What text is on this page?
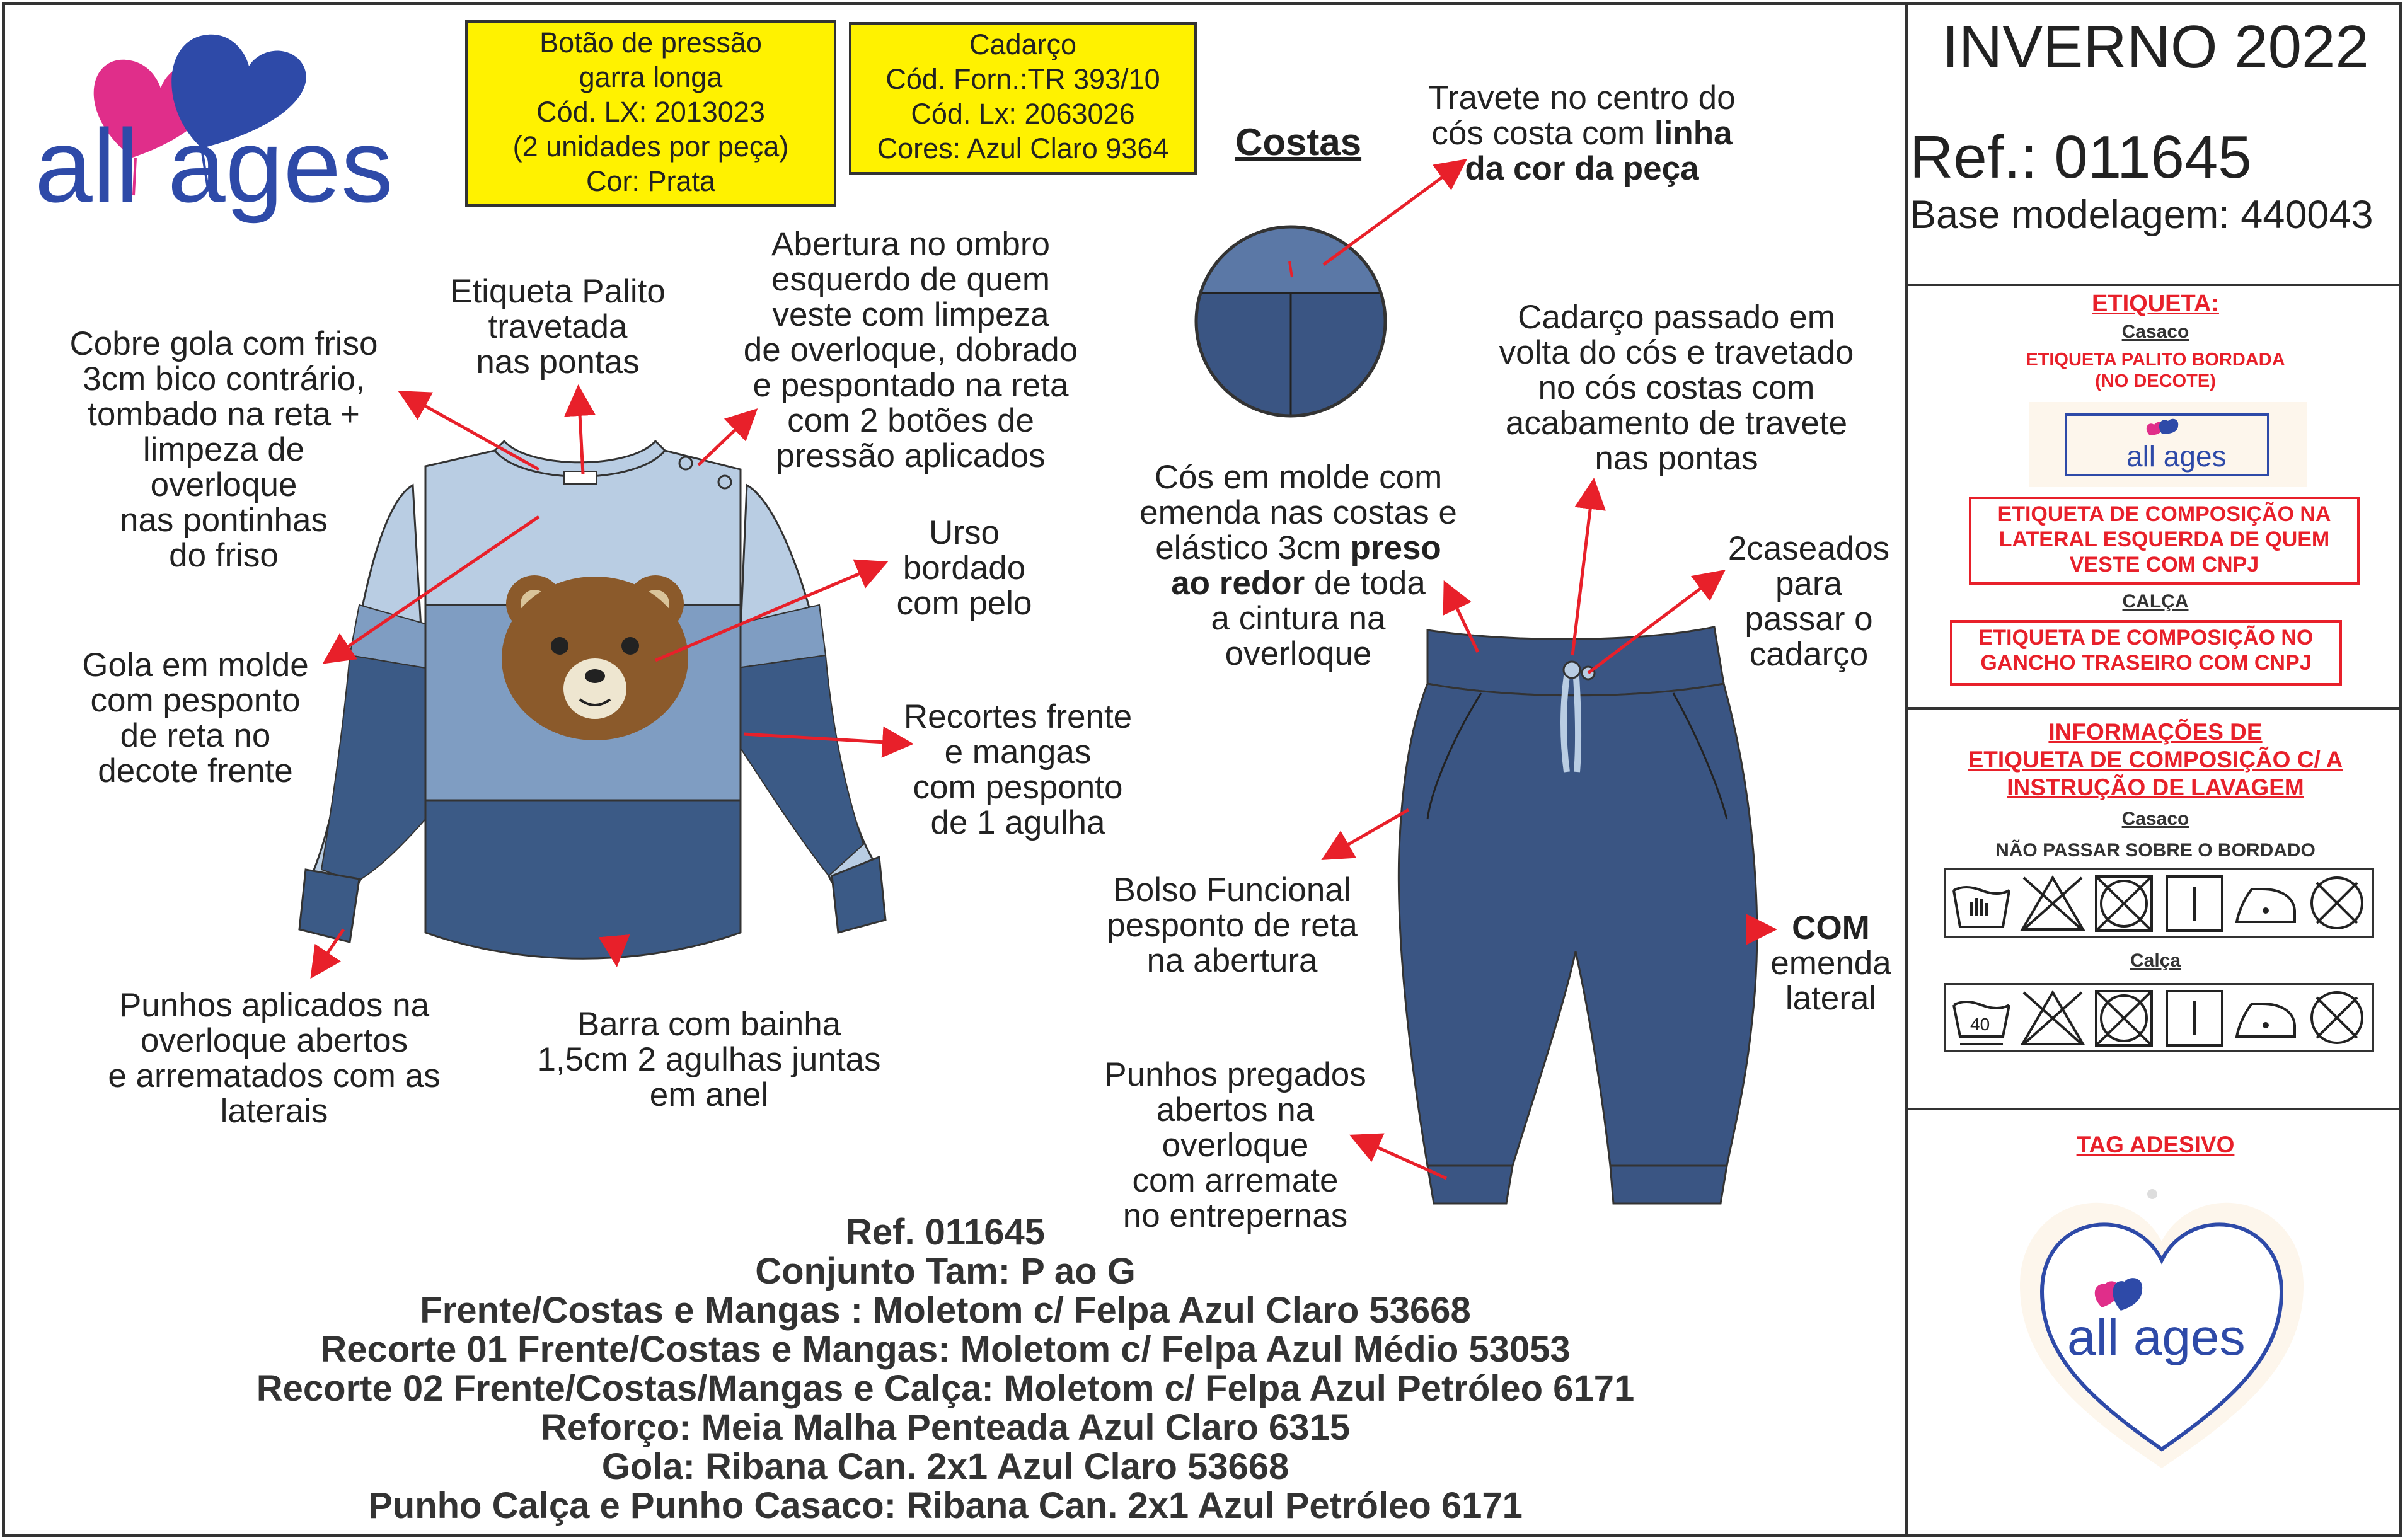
all ages
Botão de pressão
garra longa
Cód. LX: 2013023
(2 unidades por peça)
Cor: Prata
Cadarço
Cód. Forn.:TR 393/10
Cód. Lx: 2063026
Cores: Azul Claro 9364	Costas
Travete no centro do
cós costa com linha
da cor da peça
Etiqueta Palito
travetada
nas pontas
Abertura no ombro
esquerdo de quem
veste com limpeza
de overloque, dobrado
e pespontado na reta
com 2 botões de
pressão aplicados
Cobre gola com friso
3cm bico contrário,
tombado na reta +
limpeza de
overloque
nas pontinhas
do friso
Gola em molde
com pesponto
de reta no
decote frente
Urso
bordado
com pelo
Recortes frente
e mangas
com pesponto
de 1 agulha
Punhos aplicados na
overloque abertos
e arrematados com as
laterais
Barra com bainha
1,5cm 2 agulhas juntas
em anel
Cadarço passado em
volta do cós e travetado
no cós costas com
acabamento de travete
nas pontas
Cós em molde com
emenda nas costas e
elástico 3cm preso
ao redor de toda
a cintura na
overloque
2caseados
para
passar o
cadarço
Bolso Funcional
pesponto de reta
na abertura
COM
emenda
lateral
Punhos pregados
abertos na
overloque
com arremate
no entrepernas
Ref. 011645
Conjunto Tam: P ao G
Frente/Costas e Mangas : Moletom c/ Felpa Azul Claro 53668
Recorte 01 Frente/Costas e Mangas: Moletom c/ Felpa Azul Médio 53053
Recorte 02 Frente/Costas/Mangas e Calça: Moletom c/ Felpa Azul Petróleo 6171
Reforço: Meia Malha Penteada Azul Claro 6315
Gola: Ribana Can. 2x1 Azul Claro 53668
Punho Calça e Punho Casaco: Ribana Can. 2x1 Azul Petróleo 6171
INVERNO 2022
Ref.: 011645
Base modelagem: 440043
ETIQUETA:
Casaco
ETIQUETA PALITO BORDADA
(NO DECOTE)
all ages
ETIQUETA DE COMPOSIÇÃO NA
LATERAL ESQUERDA DE QUEM
VESTE COM CNPJ
CALÇA
ETIQUETA DE COMPOSIÇÃO NO
GANCHO TRASEIRO COM CNPJ
INFORMAÇÕES DE
ETIQUETA DE COMPOSIÇÃO C/ A
INSTRUÇÃO DE LAVAGEM
Casaco
NÃO PASSAR SOBRE O BORDADO
Calça
40
TAG ADESIVO
all ages
